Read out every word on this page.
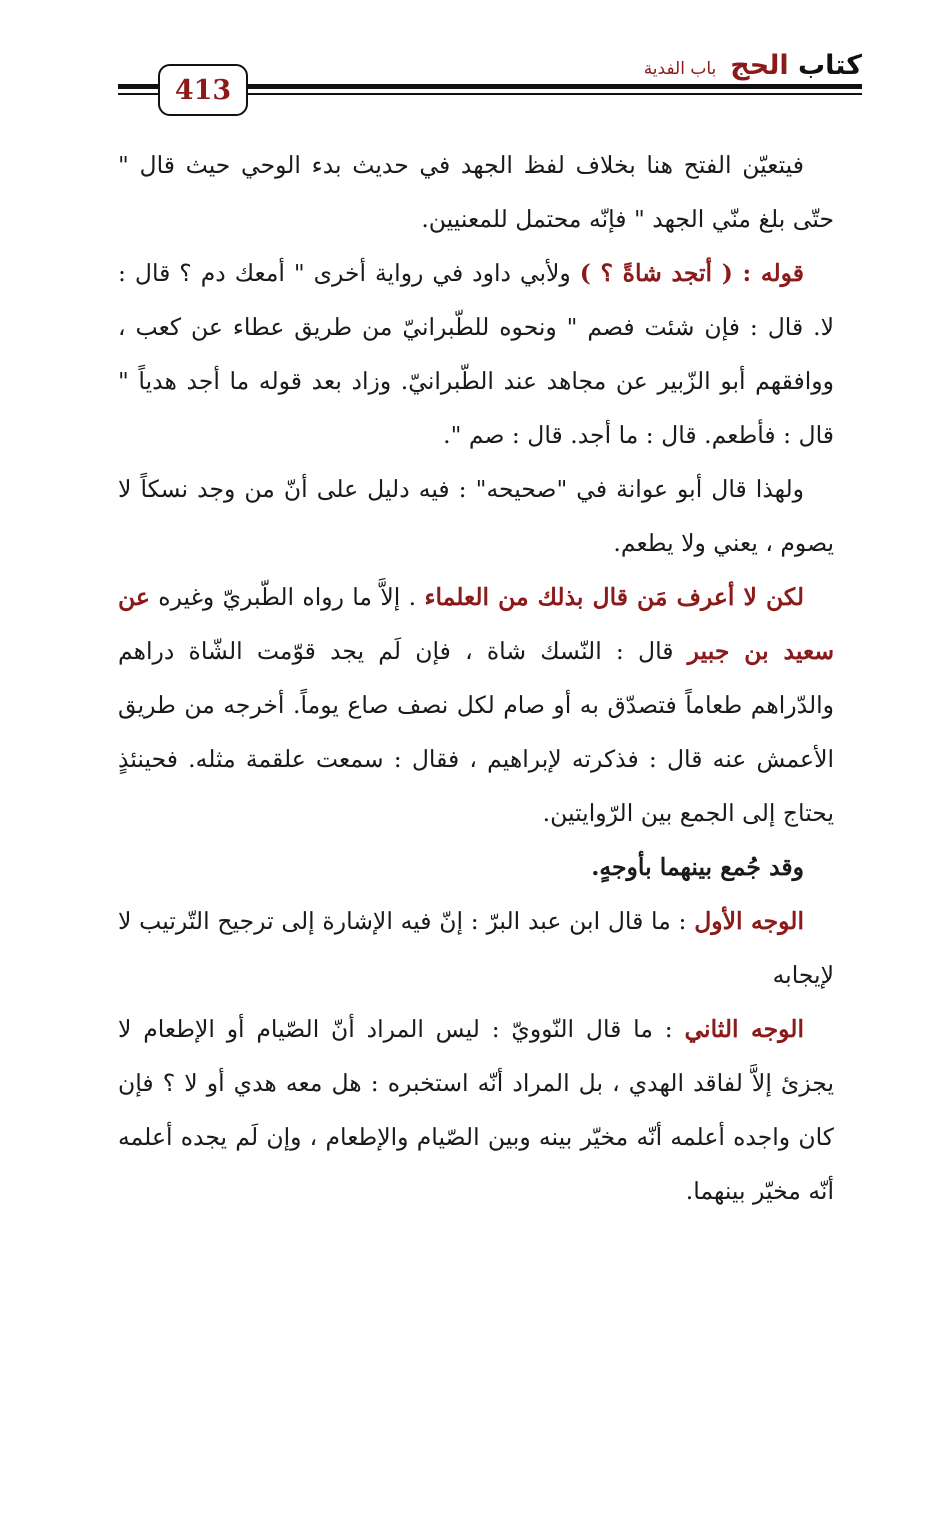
413
كتاب الحج
باب الفدية

فيتعيّن الفتح هنا بخلاف لفظ الجهد في حديث بدء الوحي حيث قال " حتّى بلغ منّي الجهد " فإنّه محتمل للمعنيين.

قوله : ( أتجد شاةً ؟ ) ولأبي داود في رواية أخرى " أمعك دم ؟ قال : لا. قال : فإن شئت فصم " ونحوه للطّبرانيّ من طريق عطاء عن كعب ، ووافقهم أبو الزّبير عن مجاهد عند الطّبرانيّ. وزاد بعد قوله ما أجد هدياً " قال : فأطعم. قال : ما أجد. قال : صم ".

ولهذا قال أبو عوانة في "صحيحه" : فيه دليل على أنّ من وجد نسكاً لا يصوم ، يعني ولا يطعم.

لكن لا أعرف مَن قال بذلك من العلماء . إلاَّ ما رواه الطّبريّ وغيره عن سعيد بن جبير قال : النّسك شاة ، فإن لَم يجد قوّمت الشّاة دراهم والدّراهم طعاماً فتصدّق به أو صام لكل نصف صاع يوماً. أخرجه من طريق الأعمش عنه قال : فذكرته لإبراهيم ، فقال : سمعت علقمة مثله. فحينئذٍ يحتاج إلى الجمع بين الرّوايتين.

وقد جُمع بينهما بأوجهٍ.

الوجه الأول : ما قال ابن عبد البرّ : إنّ فيه الإشارة إلى ترجيح التّرتيب لا لإيجابه

الوجه الثاني : ما قال النّوويّ : ليس المراد أنّ الصّيام أو الإطعام لا يجزئ إلاَّ لفاقد الهدي ، بل المراد أنّه استخبره : هل معه هدي أو لا ؟ فإن كان واجده أعلمه أنّه مخيّر بينه وبين الصّيام والإطعام ، وإن لَم يجده أعلمه أنّه مخيّر بينهما.
